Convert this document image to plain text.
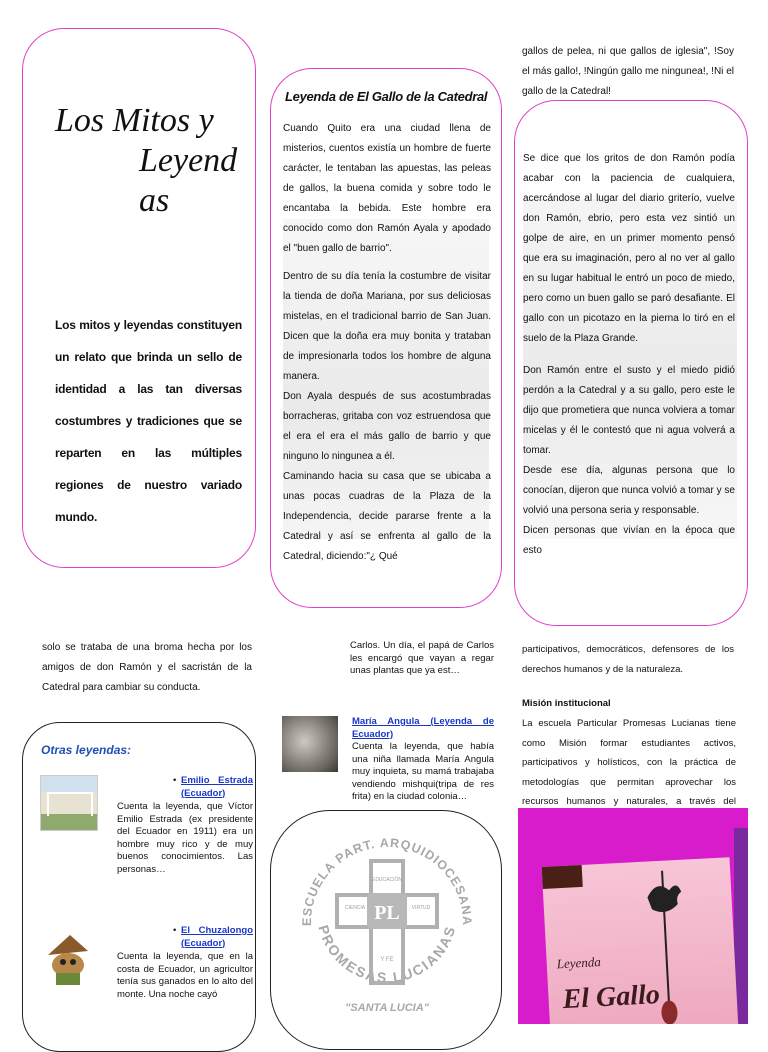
Los Mitos y
Leyend
as
Los mitos y leyendas constituyen un relato que brinda un sello de identidad a las tan diversas costumbres y tradiciones que se reparten en las múltiples regiones de nuestro variado mundo.
Leyenda de El Gallo de la Catedral
Cuando Quito era una ciudad llena de misterios, cuentos existía un hombre de fuerte carácter, le tentaban las apuestas, las peleas de gallos, la buena comida y sobre todo le encantaba la bebida. Este hombre era conocido como don Ramón Ayala y apodado el "buen gallo de barrio".
Dentro de su día tenía la costumbre de visitar la tienda de doña Mariana, por sus deliciosas mistelas, en el tradicional barrio de San Juan. Dicen que la doña era muy bonita y trataban de impresionarla todos los hombre de alguna manera.
Don Ayala después de sus acostumbradas borracheras, gritaba con voz estruendosa que el era el era el más gallo de barrio y que ninguno lo ningunea a él.
Caminando hacia su casa que se ubicaba a unas pocas cuadras de la Plaza de la Independencia, decide pararse frente a la Catedral y así se enfrenta al gallo de la Catedral, diciendo:"¿ Qué
gallos de pelea, ni que gallos de iglesia", !Soy el más gallo!, !Ningún gallo me ningunea!, !Ni el gallo de la Catedral!
Se dice que los gritos de don Ramón podía acabar con la paciencia de cualquiera, acercándose al lugar del diario griterío, vuelve don Ramón, ebrio, pero esta vez sintió un golpe de aire, en un primer momento pensó que era su imaginación, pero al no ver al gallo en su lugar habitual le entró un poco de miedo, pero como un buen gallo se paró desafiante. El gallo con un picotazo en la pierna lo tiró en el suelo de la Plaza Grande.
Don Ramón entre el susto y el miedo pidió perdón a la Catedral y a su gallo, pero este le dijo que prometiera que nunca volviera a tomar micelas y él le contestó que ni agua volverá a tomar.
Desde ese día, algunas persona que lo conocían, dijeron que nunca volvió a tomar y se volvió una persona seria y responsable.
Dicen personas que vivían en la época que esto
solo se trataba de una broma hecha por los amigos de don Ramón y el sacristán de la Catedral para cambiar su conducta.
Otras leyendas:
• Emilio Estrada (Ecuador)
Cuenta la leyenda, que Víctor Emilio Estrada (ex presidente del Ecuador en 1911) era un hombre muy rico y de muy buenos conocimientos. Las personas…
• El Chuzalongo (Ecuador)
Cuenta la leyenda, que en la costa de Ecuador, un agricultor tenía sus ganados en lo alto del monte. Una noche cayó
Carlos. Un día, el papá de Carlos les encargó que vayan a regar unas plantas que ya est…
María Angula (Leyenda de Ecuador)
Cuenta la leyenda, que había una niña llamada María Angula muy inquieta, su mamá trabajaba vendiendo mishqui(tripa de res frita) en la ciudad colonia…
ESCUELA PART. ARQUIDIOCESANA
PROMESAS LUCIANAS
PL
CIENCIA
EDUCACIÓN
VIRTUD
Y FE
"SANTA LUCIA"
participativos, democráticos, defensores de los derechos humanos y de la naturaleza.
Misión institucional
La escuela Particular Promesas Lucianas tiene como Misión formar estudiantes activos, participativos y holísticos, con la práctica de metodologías que permitan aprovechar los recursos humanos y naturales, a través del
Leyenda
El Gallo
